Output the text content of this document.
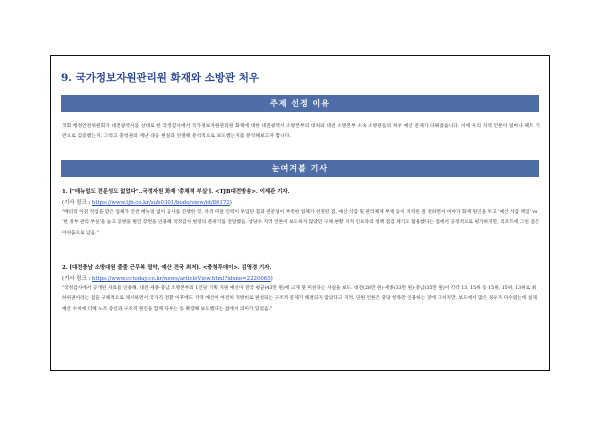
9. 국가정보자원관리원 화재와 소방관 처우
주제 선정 이유
국회 행정안전위원회가 대전광역시를 상대로 한 국정감사에서 국가정보자원관리원 화재에 대한 대전광역시 소방본부의 대처와 대전 소방본부 소속 소방관들의 처우 예산 문제가 다뤄졌습니다. 이에 우리 지역 언론이 얼마나 팩트 기반으로 검증했는지, 그리고 충청권의 재난 대응 현실과 연결해 분석적으로 보도했는지를 분석해보고자 합니다.
눈여겨볼 기사
1. ["데뉴얼도 전문성도 없었다"..국정자원 화재 '총체적 부실']. <TJB대전방송>. 이제관 기자.
(기사 링크 : https://www.tjb.co.kr/sub0301/bodo/view/id/86172)
"배터리 이전 작업을 맡은 업체가 안전 매뉴얼 없이 공사를 진행한 것, 자격 미달 인력이 투입된 점과 전문성이 부족한 업체가 선정된 점, 예산 삭감 및 관리체계 부재 등이 지적된 걸 전하면서 여야가 화재 원인을 두고 '예산 삭감 책임' vs '현 정부 관리 부실'을 놓고 공방을 벌인 장면을 인용해 국정감사 현장의 분위기를 전달했음. 상당수 지역 언론이 보도하지 않았던 구체 현황 지적 인프라의 정책 점검 제기도 활용했다는 점에서 공정적으로 평가하지만, 리포트에 그친 점은 아쉬움으로 남음."
2. [대전충남 소방대원 줄줄 근무복 열악, 예산 전국 최저]. <충청투데이>. 김영경 기자.
(기사 링크 : https://www.cctoday.co.kr/news/articleView.html?idxno=2220065)
"국정감사에서 공개된 자료를 인용해, 대전·세종·충남 소방본부의 1인당 기획 지원 예산이 전국 평균(43만 원)에 크게 못 미친다는 사실을 보도. 대전(28만 원)·세종(33만 원)·충남(35만 원)이 각각 13, 15위 등 15위, 15위, 13위로 최하위권이라는 점을 구체적으로 제시하면서 국가직 전환 이후에도 지역 예산이 여전히 지방비로 편성되는 구조적 문제가 해결되지 않았다고 지적. 단편 언론은 충당 항목만 인용하는 것에 그치지만, 보도에서 많은 경우가 다수였는데 실제 예산 수치에 더해 노조 증언과 구조적 원인을 함께 다루는 등 확장해 보도했다는 점에서 의미가 있었음."
